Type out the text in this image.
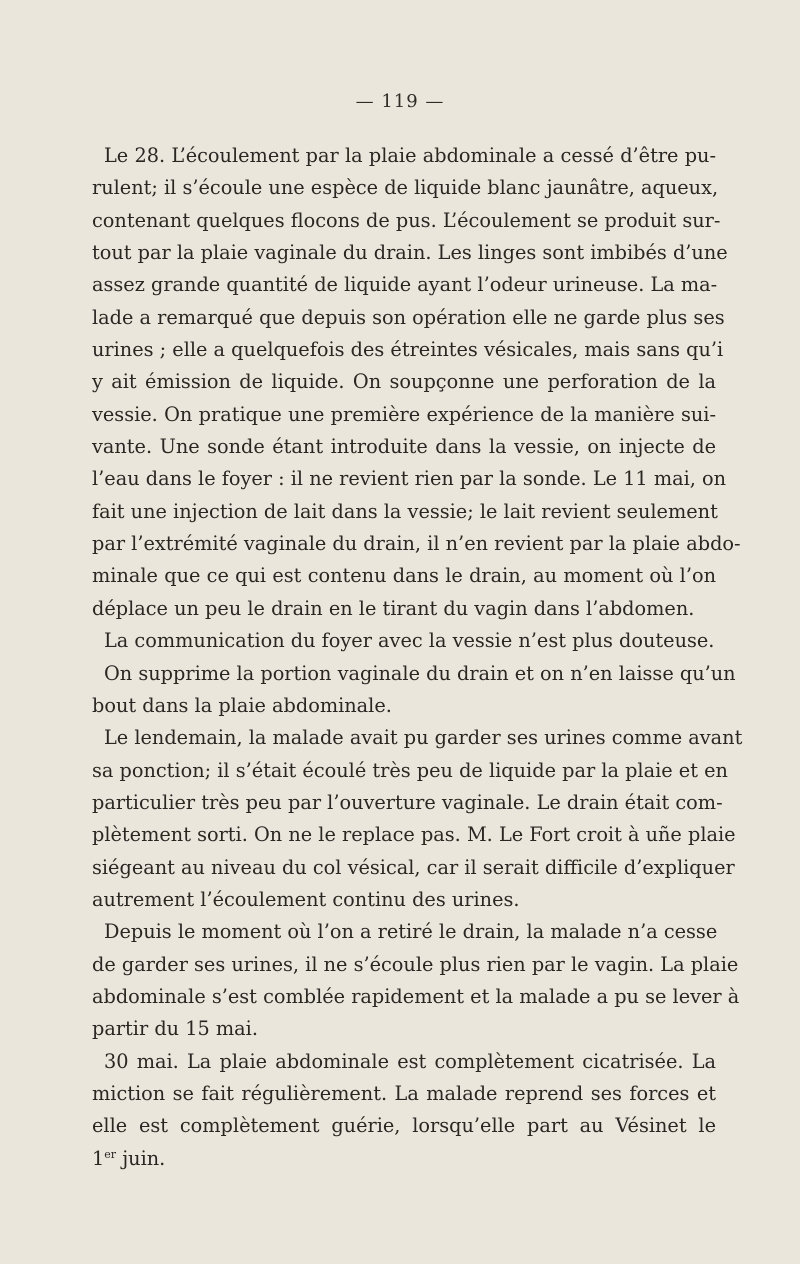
— 119 —
Le 28. L’écoulement par la plaie abdominale a cessé d’être pu-
rulent; il s’écoule une espèce de liquide blanc jaunâtre, aqueux,
contenant quelques flocons de pus. L’écoulement se produit sur-
tout par la plaie vaginale du drain. Les linges sont imbibés d’une
assez grande quantité de liquide ayant l’odeur urineuse. La ma-
lade a remarqué que depuis son opération elle ne garde plus ses
urines ; elle a quelquefois des étreintes vésicales, mais sans qu’i
y ait émission de liquide. On soupçonne une perforation de la
vessie. On pratique une première expérience de la manière sui-
vante. Une sonde étant introduite dans la vessie, on injecte de
l’eau dans le foyer : il ne revient rien par la sonde. Le 11 mai, on
fait une injection de lait dans la vessie; le lait revient seulement
par l’extrémité vaginale du drain, il n’en revient par la plaie abdo-
minale que ce qui est contenu dans le drain, au moment où l’on
déplace un peu le drain en le tirant du vagin dans l’abdomen.
La communication du foyer avec la vessie n’est plus douteuse.
On supprime la portion vaginale du drain et on n’en laisse qu’un
bout dans la plaie abdominale.
Le lendemain, la malade avait pu garder ses urines comme avant
sa ponction; il s’était écoulé très peu de liquide par la plaie et en
particulier très peu par l’ouverture vaginale. Le drain était com-
plètement sorti. On ne le replace pas. M. Le Fort croit à uñe plaie
siégeant au niveau du col vésical, car il serait difficile d’expliquer
autrement l’écoulement continu des urines.
Depuis le moment où l’on a retiré le drain, la malade n’a cesse
de garder ses urines, il ne s’écoule plus rien par le vagin. La plaie
abdominale s’est comblée rapidement et la malade a pu se lever à
partir du 15 mai.
30 mai. La plaie abdominale est complètement cicatrisée. La
miction se fait régulièrement. La malade reprend ses forces et
elle est complètement guérie, lorsqu’elle part au Vésinet le
1er juin.
